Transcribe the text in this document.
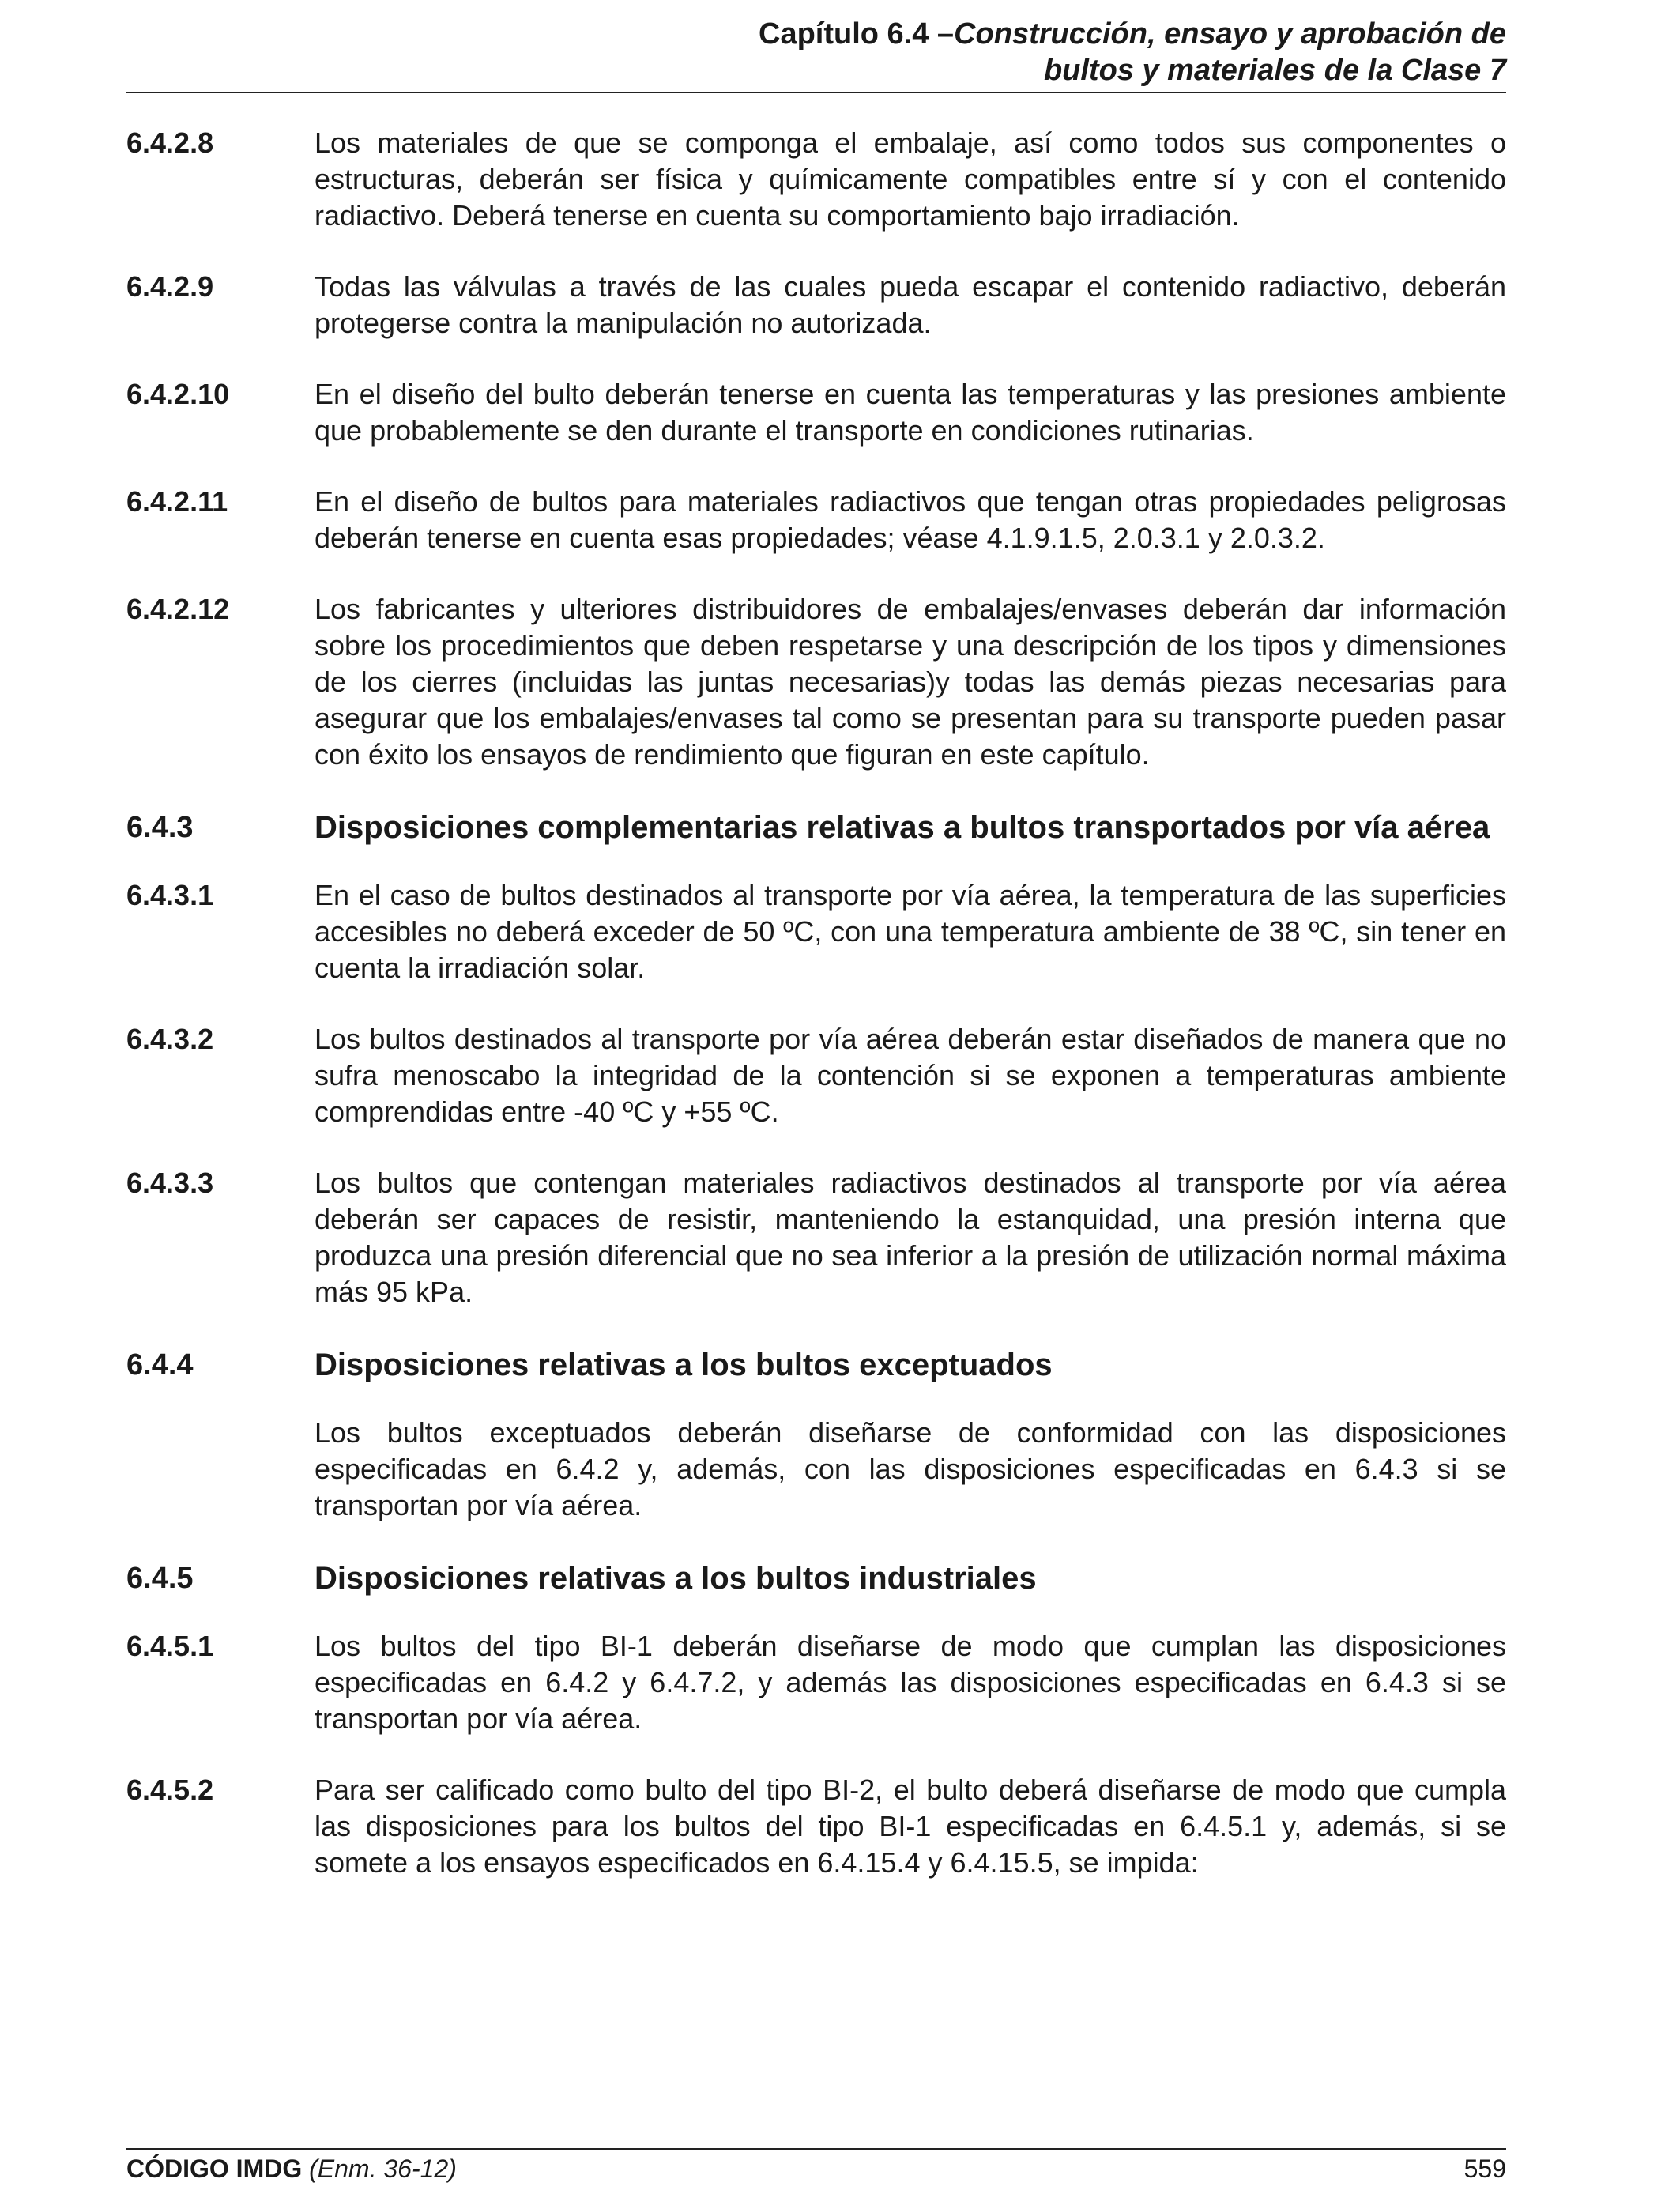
Capítulo 6.4 –Construcción, ensayo y aprobación de
bultos y materiales de la Clase 7
6.4.2.8	Los materiales de que se componga el embalaje, así como todos sus componentes o estructuras, deberán ser física y químicamente compatibles entre sí y con el contenido radiactivo. Deberá tenerse en cuenta su comportamiento bajo irradiación.
6.4.2.9	Todas las válvulas a través de las cuales pueda escapar el contenido radiactivo, deberán protegerse contra la manipulación no autorizada.
6.4.2.10	En el diseño del bulto deberán tenerse en cuenta las temperaturas y las presiones ambiente que probablemente se den durante el transporte en condiciones rutinarias.
6.4.2.11	En el diseño de bultos para materiales radiactivos que tengan otras propiedades peligrosas deberán tenerse en cuenta esas propiedades; véase 4.1.9.1.5, 2.0.3.1 y 2.0.3.2.
6.4.2.12	Los fabricantes y ulteriores distribuidores de embalajes/envases deberán dar información sobre los procedimientos que deben respetarse y una descripción de los tipos y dimensiones de los cierres (incluidas las juntas necesarias)y todas las demás piezas necesarias para asegurar que los embalajes/envases tal como se presentan para su transporte pueden pasar con éxito los ensayos de rendimiento que figuran en este capítulo.
6.4.3	Disposiciones complementarias relativas a bultos transportados por vía aérea
6.4.3.1	En el caso de bultos destinados al transporte por vía aérea, la temperatura de las superficies accesibles no deberá exceder de 50 ºC, con una temperatura ambiente de 38 ºC, sin tener en cuenta la irradiación solar.
6.4.3.2	Los bultos destinados al transporte por vía aérea deberán estar diseñados de manera que no sufra menoscabo la integridad de la contención si se exponen a temperaturas ambiente comprendidas entre -40 ºC y +55 ºC.
6.4.3.3	Los bultos que contengan materiales radiactivos destinados al transporte por vía aérea deberán ser capaces de resistir, manteniendo la estanquidad, una presión interna que produzca una presión diferencial que no sea inferior a la presión de utilización normal máxima más 95 kPa.
6.4.4	Disposiciones relativas a los bultos exceptuados
Los bultos exceptuados deberán diseñarse de conformidad con las disposiciones especificadas en 6.4.2 y, además, con las disposiciones especificadas en 6.4.3 si se transportan por vía aérea.
6.4.5	Disposiciones relativas a los bultos industriales
6.4.5.1	Los bultos del tipo BI-1 deberán diseñarse de modo que cumplan las disposiciones especificadas en 6.4.2 y 6.4.7.2, y además las disposiciones especificadas en 6.4.3 si se transportan por vía aérea.
6.4.5.2	Para ser calificado como bulto del tipo BI-2, el bulto deberá diseñarse de modo que cumpla las disposiciones para los bultos del tipo BI-1 especificadas en 6.4.5.1 y, además, si se somete a los ensayos especificados en 6.4.15.4 y 6.4.15.5, se impida:
CÓDIGO IMDG (Enm. 36-12)	559
